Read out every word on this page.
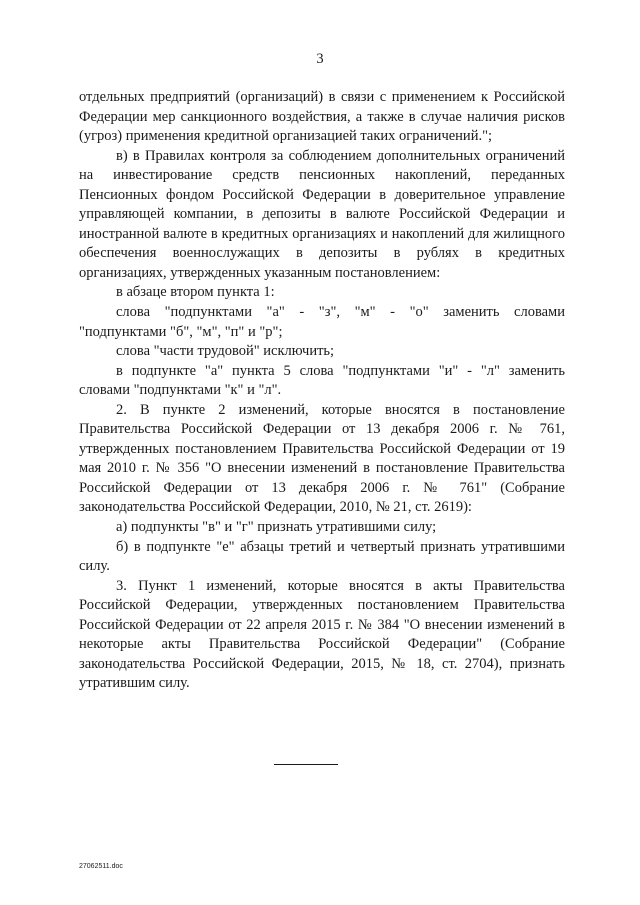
3

отдельных предприятий (организаций) в связи с применением к Российской Федерации мер санкционного воздействия, а также в случае наличия рисков (угроз) применения кредитной организацией таких ограничений.";

в) в Правилах контроля за соблюдением дополнительных ограничений на инвестирование средств пенсионных накоплений, переданных Пенсионных фондом Российской Федерации в доверительное управление управляющей компании, в депозиты в валюте Российской Федерации и иностранной валюте в кредитных организациях и накоплений для жилищного обеспечения военнослужащих в депозиты в рублях в кредитных организациях, утвержденных указанным постановлением:

в абзаце втором пункта 1:

слова "подпунктами "а" - "з", "м" - "о" заменить словами

"подпунктами "б", "м", "п" и "р";

слова "части трудовой" исключить;

в подпункте "а" пункта 5 слова "подпунктами "и" - "л" заменить словами "подпунктами "к" и "л".

2. В пункте 2 изменений, которые вносятся в постановление Правительства Российской Федерации от 13 декабря 2006 г. № 761, утвержденных постановлением Правительства Российской Федерации от 19 мая 2010 г. № 356 "О внесении изменений в постановление Правительства Российской Федерации от 13 декабря 2006 г. № 761" (Собрание законодательства Российской Федерации, 2010, № 21, ст. 2619):

а) подпункты "в" и "г" признать утратившими силу;

б) в подпункте "е" абзацы третий и четвертый признать утратившими силу.

3. Пункт 1 изменений, которые вносятся в акты Правительства Российской Федерации, утвержденных постановлением Правительства Российской Федерации от 22 апреля 2015 г. № 384 "О внесении изменений в некоторые акты Правительства Российской Федерации" (Собрание законодательства Российской Федерации, 2015, № 18, ст. 2704), признать утратившим силу.

27062511.doc
